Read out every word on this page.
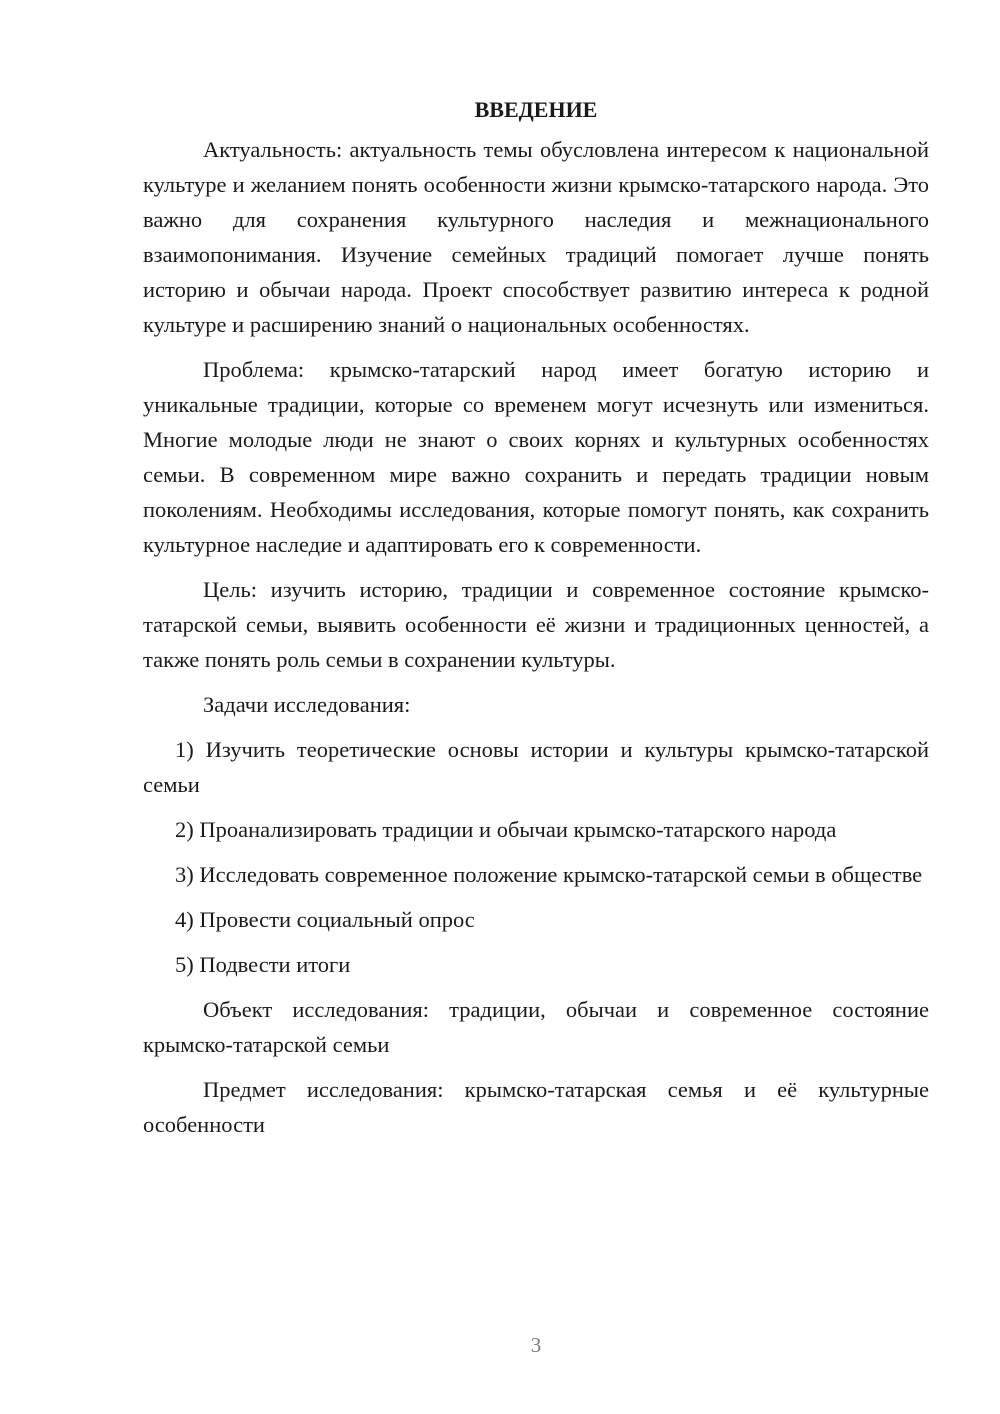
ВВЕДЕНИЕ

Актуальность: актуальность темы обусловлена интересом к национальной культуре и желанием понять особенности жизни крымско-татарского народа. Это важно для сохранения культурного наследия и межнационального взаимопонимания. Изучение семейных традиций помогает лучше понять историю и обычаи народа. Проект способствует развитию интереса к родной культуре и расширению знаний о национальных особенностях.

Проблема: крымско-татарский народ имеет богатую историю и уникальные традиции, которые со временем могут исчезнуть или измениться. Многие молодые люди не знают о своих корнях и культурных особенностях семьи. В современном мире важно сохранить и передать традиции новым поколениям. Необходимы исследования, которые помогут понять, как сохранить культурное наследие и адаптировать его к современности.

Цель: изучить историю, традиции и современное состояние крымско-татарской семьи, выявить особенности её жизни и традиционных ценностей, а также понять роль семьи в сохранении культуры.

Задачи исследования:

1) Изучить теоретические основы истории и культуры крымско-татарской семьи

2) Проанализировать традиции и обычаи крымско-татарского народа

3) Исследовать современное положение крымско-татарской семьи в обществе

4) Провести социальный опрос

5) Подвести итоги

Объект исследования: традиции, обычаи и современное состояние крымско-татарской семьи

Предмет исследования: крымско-татарская семья и её культурные особенности

3
